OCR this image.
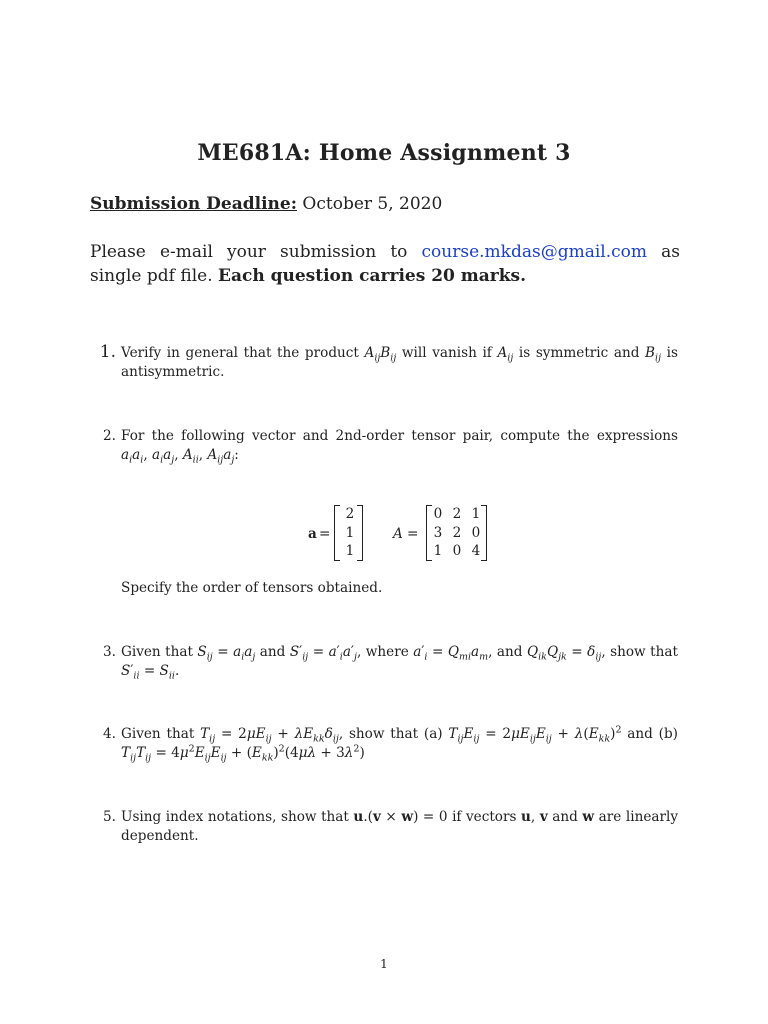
ME681A: Home Assignment 3
Submission Deadline: October 5, 2020
Please e-mail your submission to course.mkdas@gmail.com as single pdf file. Each question carries 20 marks.
1. Verify in general that the product $A_{ij}B_{ij}$ will vanish if $A_{ij}$ is symmetric and $B_{ij}$ is antisymmetric.
2. For the following vector and 2nd-order tensor pair, compute the expressions $a_ia_i$, $a_ia_j$, $A_{ii}$, $A_{ij}a_j$:
a =
2
1
1
A =
0 2 1
3 2 0
1 0 4
Specify the order of tensors obtained.
3. Given that $S_{ij} = a_ia_j$ and $S'_{ij} = a'_ia'_j$, where $a'_i = Q_{mi}a_m$, and $Q_{ik}Q_{jk} = \delta_{ij}$, show that $S'_{ii} = S_{ii}$.
4. Given that $T_{ij} = 2\mu E_{ij} + \lambda E_{kk}\delta_{ij}$, show that (a) $T_{ij}E_{ij} = 2\mu E_{ij}E_{ij} + \lambda(E_{kk})^2$ and (b) $T_{ij}T_{ij} = 4\mu^2E_{ij}E_{ij} + (E_{kk})^2(4\mu\lambda + 3\lambda^2)$
5. Using index notations, show that u.(v × w) = 0 if vectors u, v and w are linearly dependent.
1
